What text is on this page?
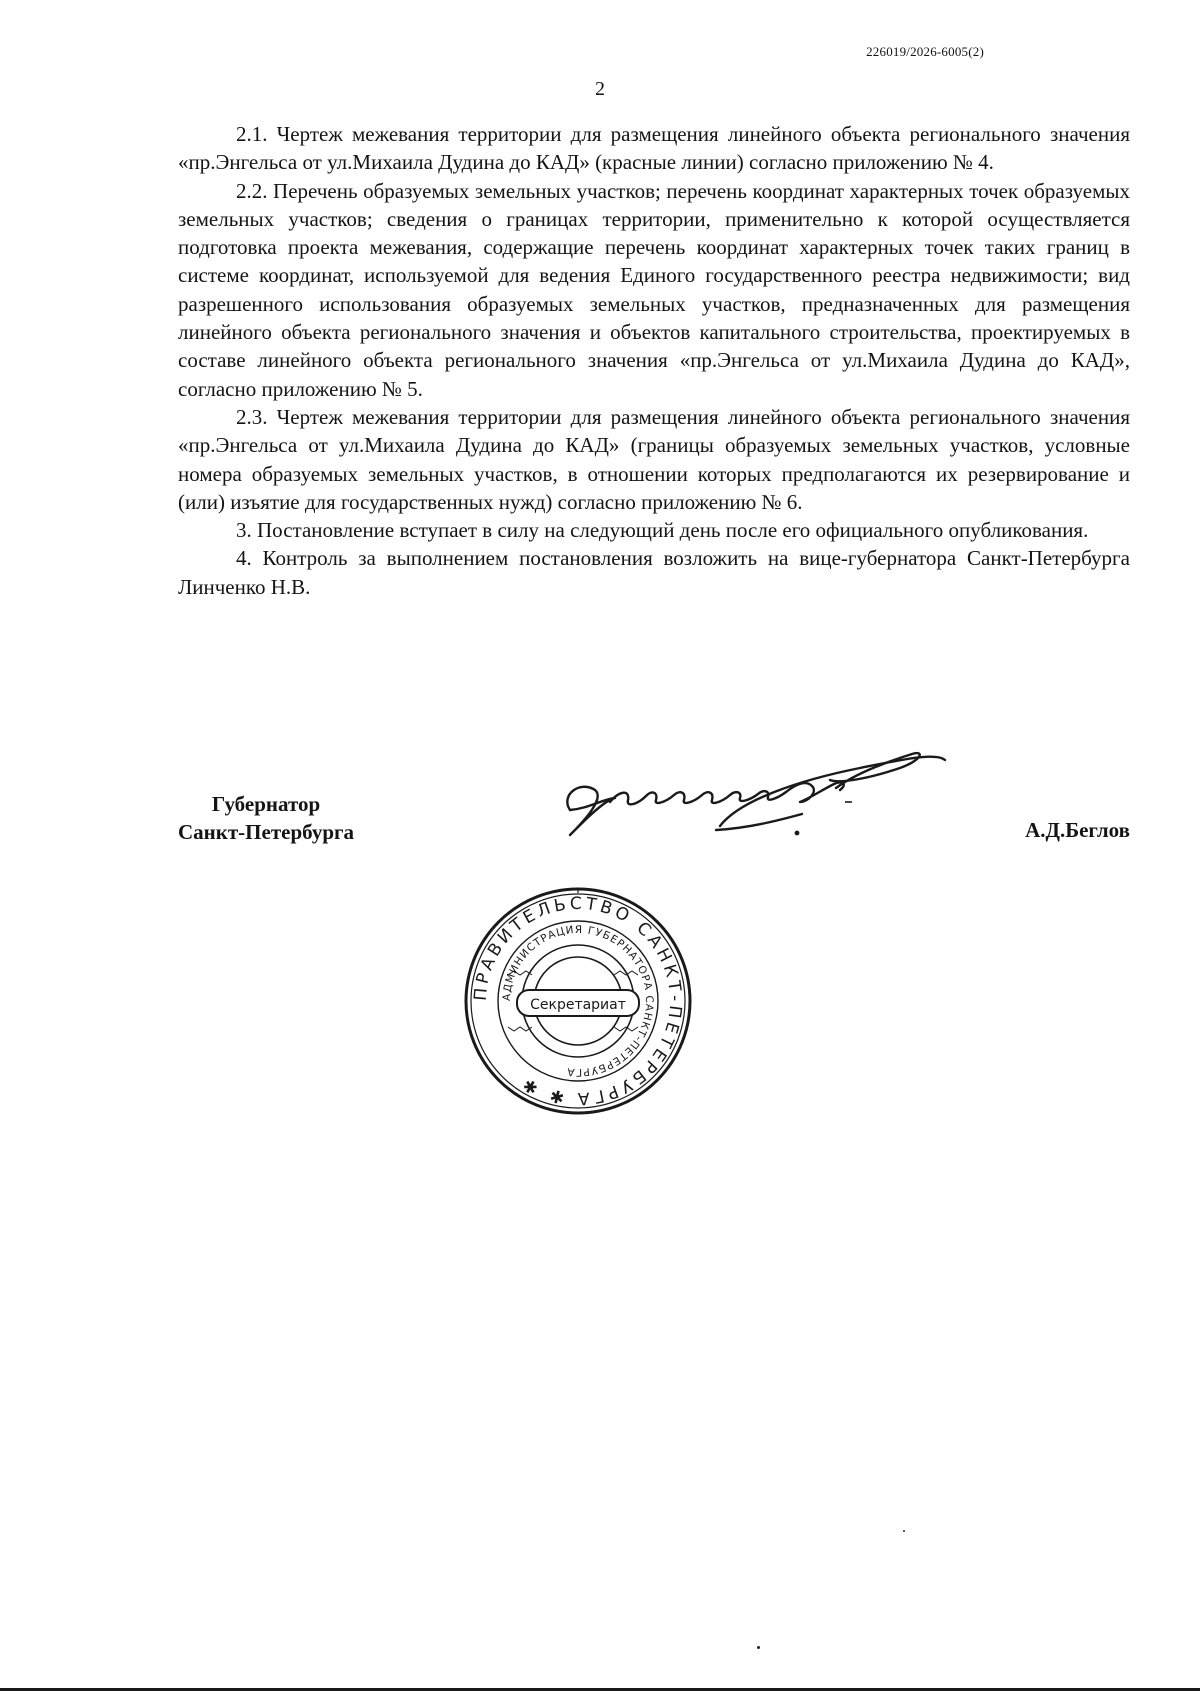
226019/2026-6005(2)
2

2.1. Чертеж межевания территории для размещения линейного объекта регионального значения «пр.Энгельса от ул.Михаила Дудина до КАД» (красные линии) согласно приложению № 4.

2.2. Перечень образуемых земельных участков; перечень координат характерных точек образуемых земельных участков; сведения о границах территории, применительно к которой осуществляется подготовка проекта межевания, содержащие перечень координат характерных точек таких границ в системе координат, используемой для ведения Единого государственного реестра недвижимости; вид разрешенного использования образуемых земельных участков, предназначенных для размещения линейного объекта регионального значения и объектов капитального строительства, проектируемых в составе линейного объекта регионального значения «пр.Энгельса от ул.Михаила Дудина до КАД», согласно приложению № 5.

2.3. Чертеж межевания территории для размещения линейного объекта регионального значения «пр.Энгельса от ул.Михаила Дудина до КАД» (границы образуемых земельных участков, условные номера образуемых земельных участков, в отношении которых предполагаются их резервирование и (или) изъятие для государственных нужд) согласно приложению № 6.

3. Постановление вступает в силу на следующий день после его официального опубликования.

4. Контроль за выполнением постановления возложить на вице-губернатора Санкт-Петербурга Линченко Н.В.

Губернатор
Санкт-Петербурга	А.Д.Беглов
ПРАВИТЕЛЬСТВО САНКТ-ПЕТЕРБУРГА ✱ ✱
АДМИНИСТРАЦИЯ ГУБЕРНАТОРА САНКТ-ПЕТЕРБУРГА
Секретариат
